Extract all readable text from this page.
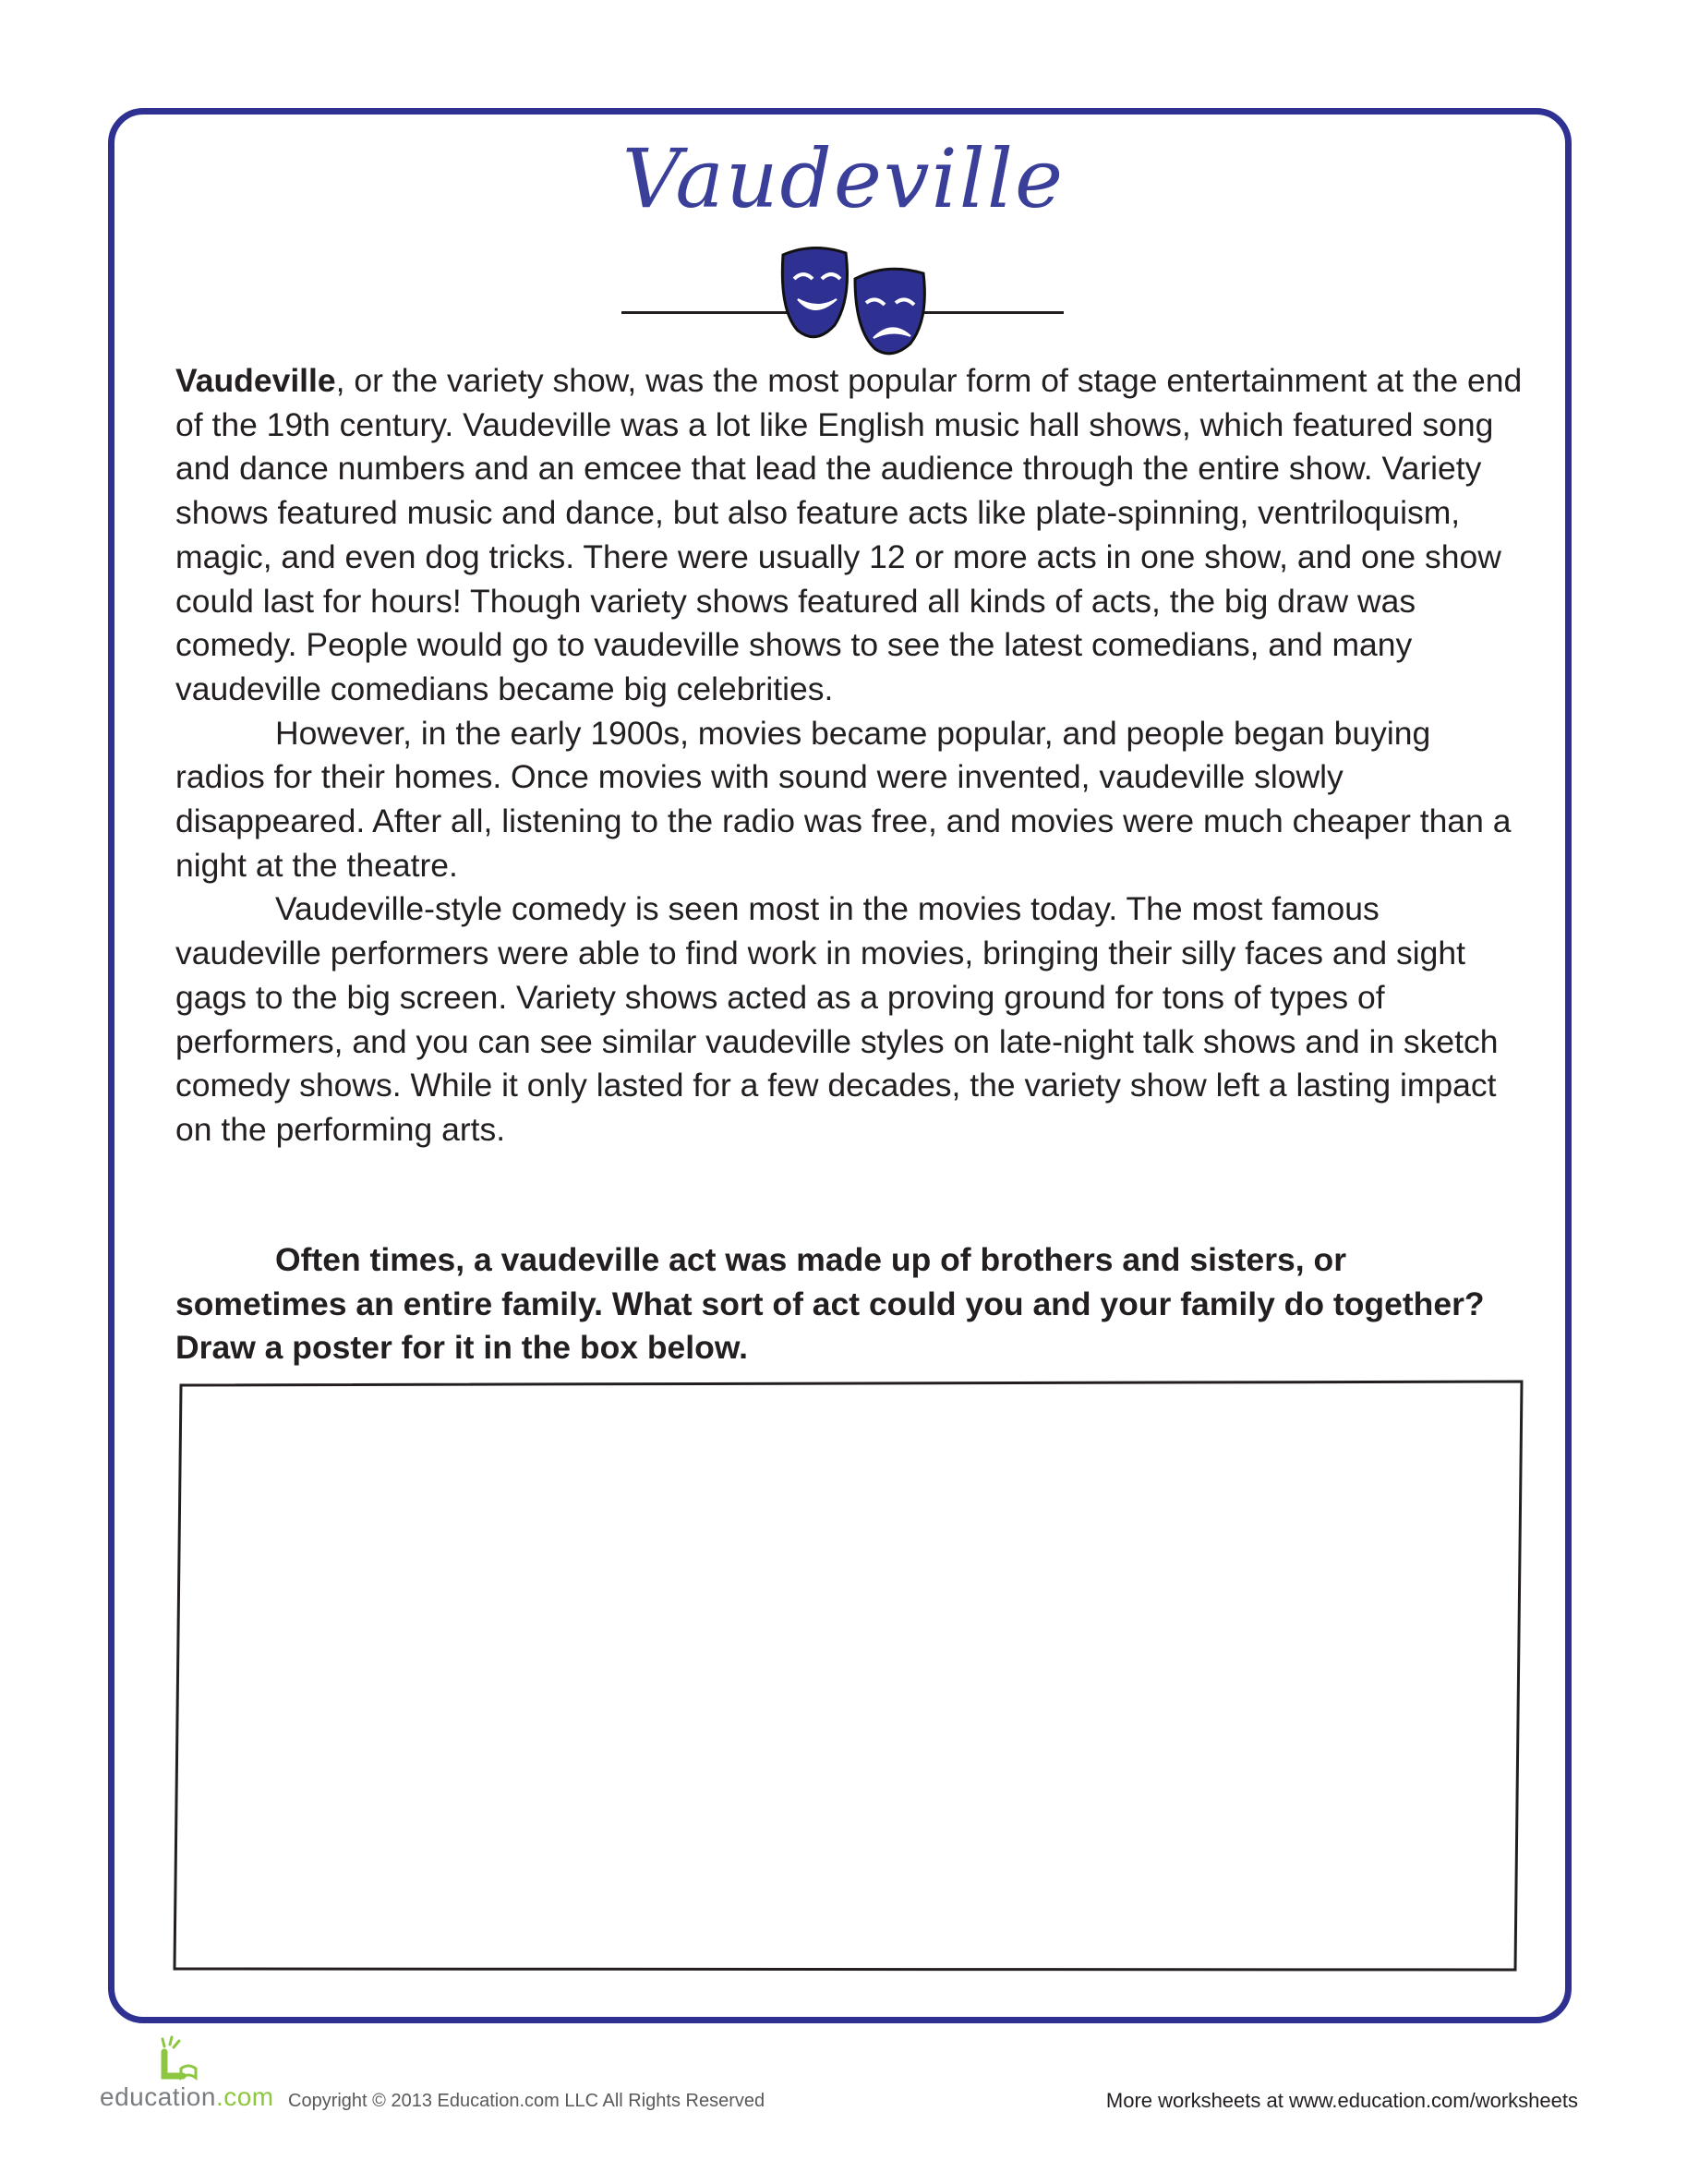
Vaudeville

Vaudeville, or the variety show, was the most popular form of stage entertainment at the end of the 19th century. Vaudeville was a lot like English music hall shows, which featured song and dance numbers and an emcee that lead the audience through the entire show. Variety shows featured music and dance, but also feature acts like plate-spinning, ventriloquism, magic, and even dog tricks. There were usually 12 or more acts in one show, and one show could last for hours! Though variety shows featured all kinds of acts, the big draw was comedy. People would go to vaudeville shows to see the latest comedians, and many vaudeville comedians became big celebrities.

However, in the early 1900s, movies became popular, and people began buying radios for their homes. Once movies with sound were invented, vaudeville slowly disappeared. After all, listening to the radio was free, and movies were much cheaper than a night at the theatre.

Vaudeville-style comedy is seen most in the movies today. The most famous vaudeville performers were able to find work in movies, bringing their silly faces and sight gags to the big screen. Variety shows acted as a proving ground for tons of types of performers, and you can see similar vaudeville styles on late-night talk shows and in sketch comedy shows. While it only lasted for a few decades, the variety show left a lasting impact on the performing arts.

Often times, a vaudeville act was made up of brothers and sisters, or sometimes an entire family. What sort of act could you and your family do together? Draw a poster for it in the box below.

education.com Copyright © 2013 Education.com LLC All Rights Reserved	More worksheets at www.education.com/worksheets
